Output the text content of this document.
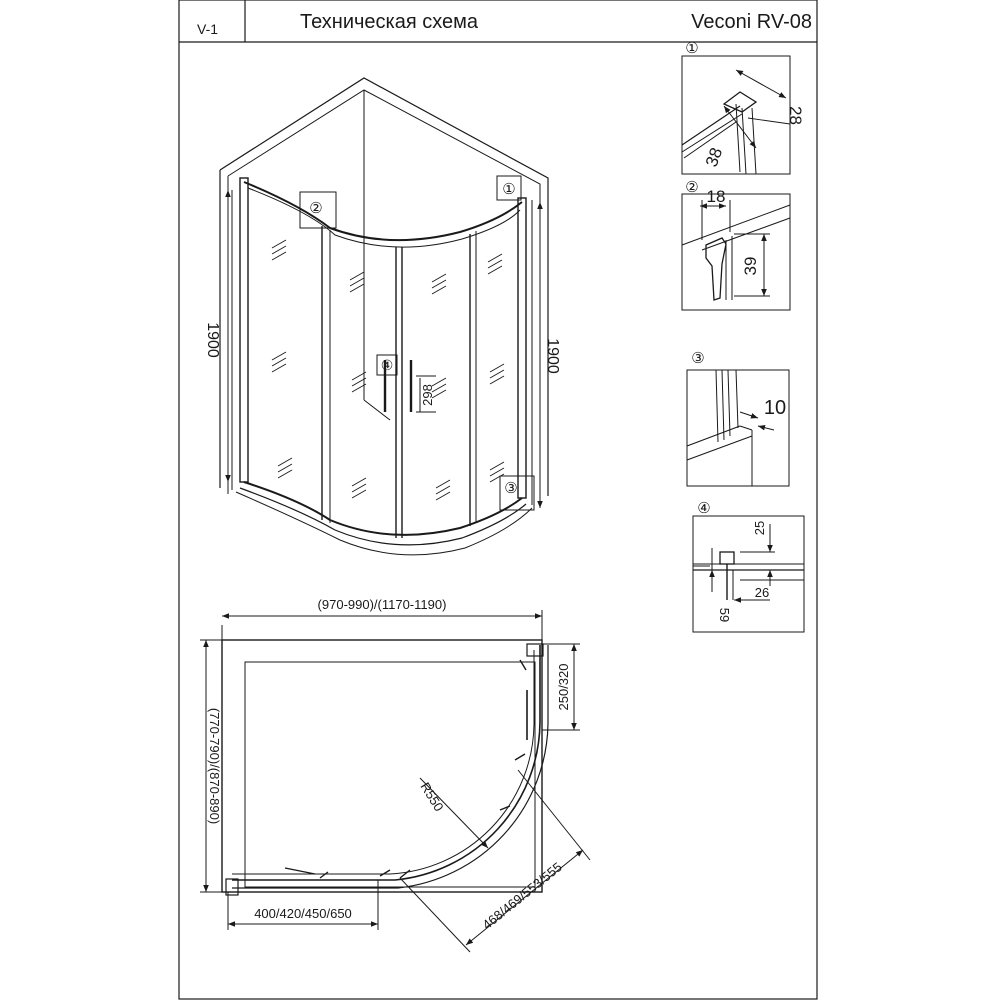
V-1	Техническая схема	Veconi RV-08
1900	1900
298
②
①
④
③
(970-990)/(1170-1190)
(770-790)/(870-890)	R550
250/320
400/420/450/650	468/469/553/555
①
28
38
② 18
39
③
10
④
25
26
59
